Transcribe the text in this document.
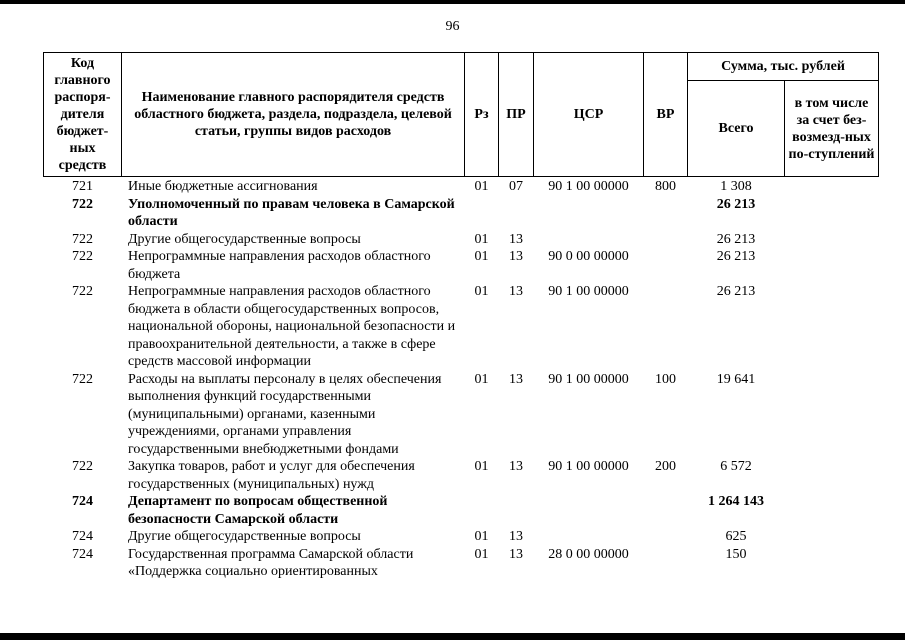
96
Код главного распоря-дителя бюджет-ных средств	Наименование главного распорядителя средств областного бюджета, раздела, подраздела, целевой статьи, группы видов расходов	Рз	ПР	ЦСР	ВР	Сумма, тыс. рублей	
						Всего	в том числе за счет без-возмезд-ных по-ступлений
721	Иные бюджетные ассигнования	01	07	90 1 00 00000	800	1 308	
722	Уполномоченный по правам человека в Самарской области					26 213	
722	Другие общегосударственные вопросы	01	13			26 213	
722	Непрограммные направления расходов областного бюджета	01	13	90 0 00 00000		26 213	
722	Непрограммные направления расходов областного бюджета в области общегосударственных вопросов, национальной обороны, национальной безопасности и правоохранительной деятельности, а также в сфере средств массовой информации	01	13	90 1 00 00000		26 213	
722	Расходы на выплаты персоналу в целях обеспечения выполнения функций государственными (муниципальными) органами, казенными учреждениями, органами управления государственными внебюджетными фондами	01	13	90 1 00 00000	100	19 641	
722	Закупка товаров, работ и услуг для обеспечения государственных (муниципальных) нужд	01	13	90 1 00 00000	200	6 572	
724	Департамент по вопросам общественной безопасности Самарской области					1 264 143	
724	Другие общегосударственные вопросы	01	13			625	
724	Государственная программа Самарской области «Поддержка социально ориентированных	01	13	28 0 00 00000		150	
